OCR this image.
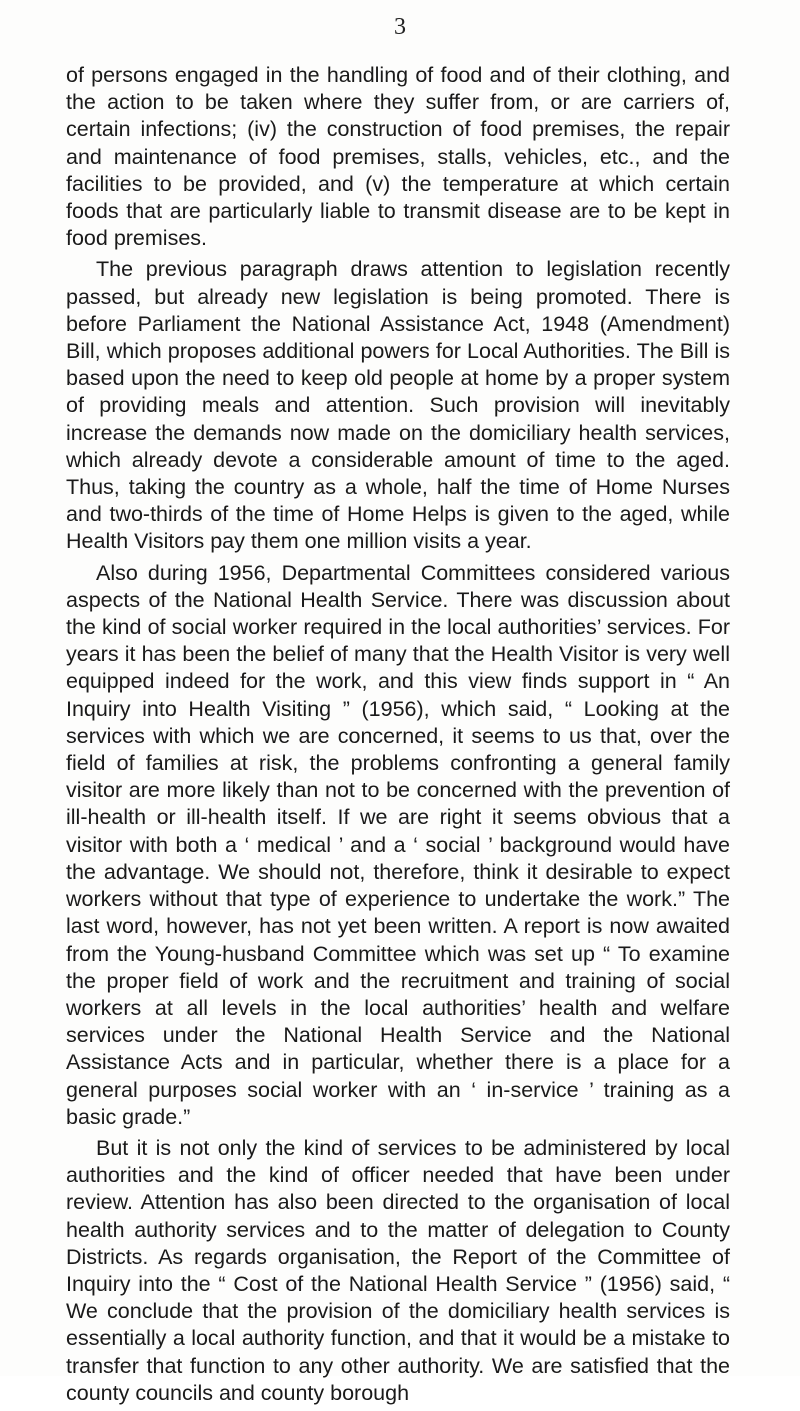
3

of persons engaged in the handling of food and of their clothing, and the action to be taken where they suffer from, or are carriers of, certain infections; (iv) the construction of food premises, the repair and maintenance of food premises, stalls, vehicles, etc., and the facilities to be provided, and (v) the temperature at which certain foods that are particularly liable to transmit disease are to be kept in food premises.

The previous paragraph draws attention to legislation recently passed, but already new legislation is being promoted. There is before Parliament the National Assistance Act, 1948 (Amendment) Bill, which proposes additional powers for Local Authorities. The Bill is based upon the need to keep old people at home by a proper system of providing meals and attention. Such provision will inevitably increase the demands now made on the domiciliary health services, which already devote a considerable amount of time to the aged. Thus, taking the country as a whole, half the time of Home Nurses and two-thirds of the time of Home Helps is given to the aged, while Health Visitors pay them one million visits a year.

Also during 1956, Departmental Committees considered various aspects of the National Health Service. There was discussion about the kind of social worker required in the local authorities’ services. For years it has been the belief of many that the Health Visitor is very well equipped indeed for the work, and this view finds support in “ An Inquiry into Health Visiting ” (1956), which said, “ Looking at the services with which we are concerned, it seems to us that, over the field of families at risk, the problems confronting a general family visitor are more likely than not to be concerned with the prevention of ill-health or ill-health itself. If we are right it seems obvious that a visitor with both a ‘ medical ’ and a ‘ social ’ background would have the advantage. We should not, therefore, think it desirable to expect workers without that type of experience to undertake the work.” The last word, however, has not yet been written. A report is now awaited from the Young-husband Committee which was set up “ To examine the proper field of work and the recruitment and training of social workers at all levels in the local authorities’ health and welfare services under the National Health Service and the National Assistance Acts and in particular, whether there is a place for a general purposes social worker with an ‘ in-service ’ training as a basic grade.”

But it is not only the kind of services to be administered by local authorities and the kind of officer needed that have been under review. Attention has also been directed to the organisation of local health authority services and to the matter of delegation to County Districts. As regards organisation, the Report of the Committee of Inquiry into the “ Cost of the National Health Service ” (1956) said, “ We conclude that the provision of the domiciliary health services is essentially a local authority function, and that it would be a mistake to transfer that function to any other authority. We are satisfied that the county councils and county borough
